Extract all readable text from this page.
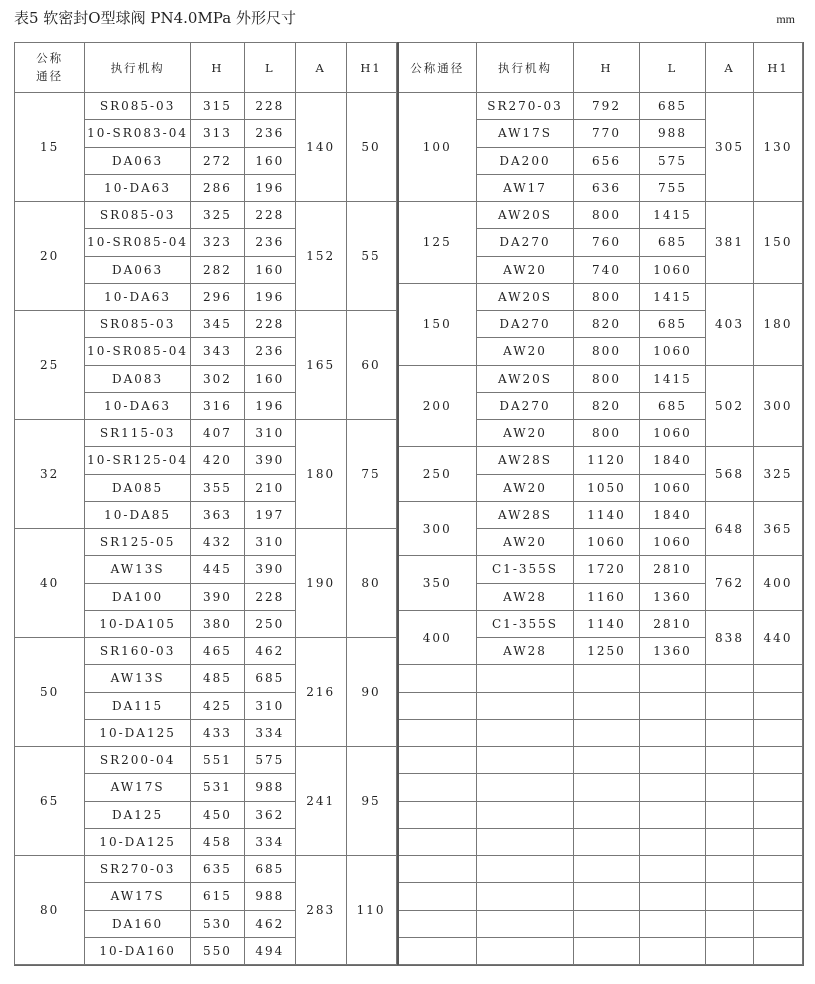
表5 软密封O型球阀 PN4.0MPa 外形尺寸	mm
公称
通径	执行机构	H	L	A	H1
15	SR085-03	315	228	140	50
	10-SR083-04	313	236		
	DA063	272	160		
	10-DA63	286	196		
20	SR085-03	325	228	152	55
	10-SR085-04	323	236		
	DA063	282	160		
	10-DA63	296	196		
25	SR085-03	345	228	165	60
	10-SR085-04	343	236		
	DA083	302	160		
	10-DA63	316	196		
32	SR115-03	407	310	180	75
	10-SR125-04	420	390		
	DA085	355	210		
	10-DA85	363	197		
40	SR125-05	432	310	190	80
	AW13S	445	390		
	DA100	390	228		
	10-DA105	380	250		
50	SR160-03	465	462	216	90
	AW13S	485	685		
	DA115	425	310		
	10-DA125	433	334		
65	SR200-04	551	575	241	95
	AW17S	531	988		
	DA125	450	362		
	10-DA125	458	334		
80	SR270-03	635	685	283	110
	AW17S	615	988		
	DA160	530	462		
	10-DA160	550	494		
公称通径	执行机构	H	L	A	H1
100	SR270-03	792	685	305	130
	AW17S	770	988		
	DA200	656	575		
	AW17	636	755		
125	AW20S	800	1415	381	150
	DA270	760	685		
	AW20	740	1060		
150	AW20S	800	1415	403	180
	DA270	820	685		
	AW20	800	1060		
200	AW20S	800	1415	502	300
	DA270	820	685		
	AW20	800	1060		
250	AW28S	1120	1840	568	325
	AW20	1050	1060		
300	AW28S	1140	1840	648	365
	AW20	1060	1060		
350	C1-355S	1720	2810	762	400
	AW28	1160	1360		
400	C1-355S	1140	2810	838	440
	AW28	1250	1360		
